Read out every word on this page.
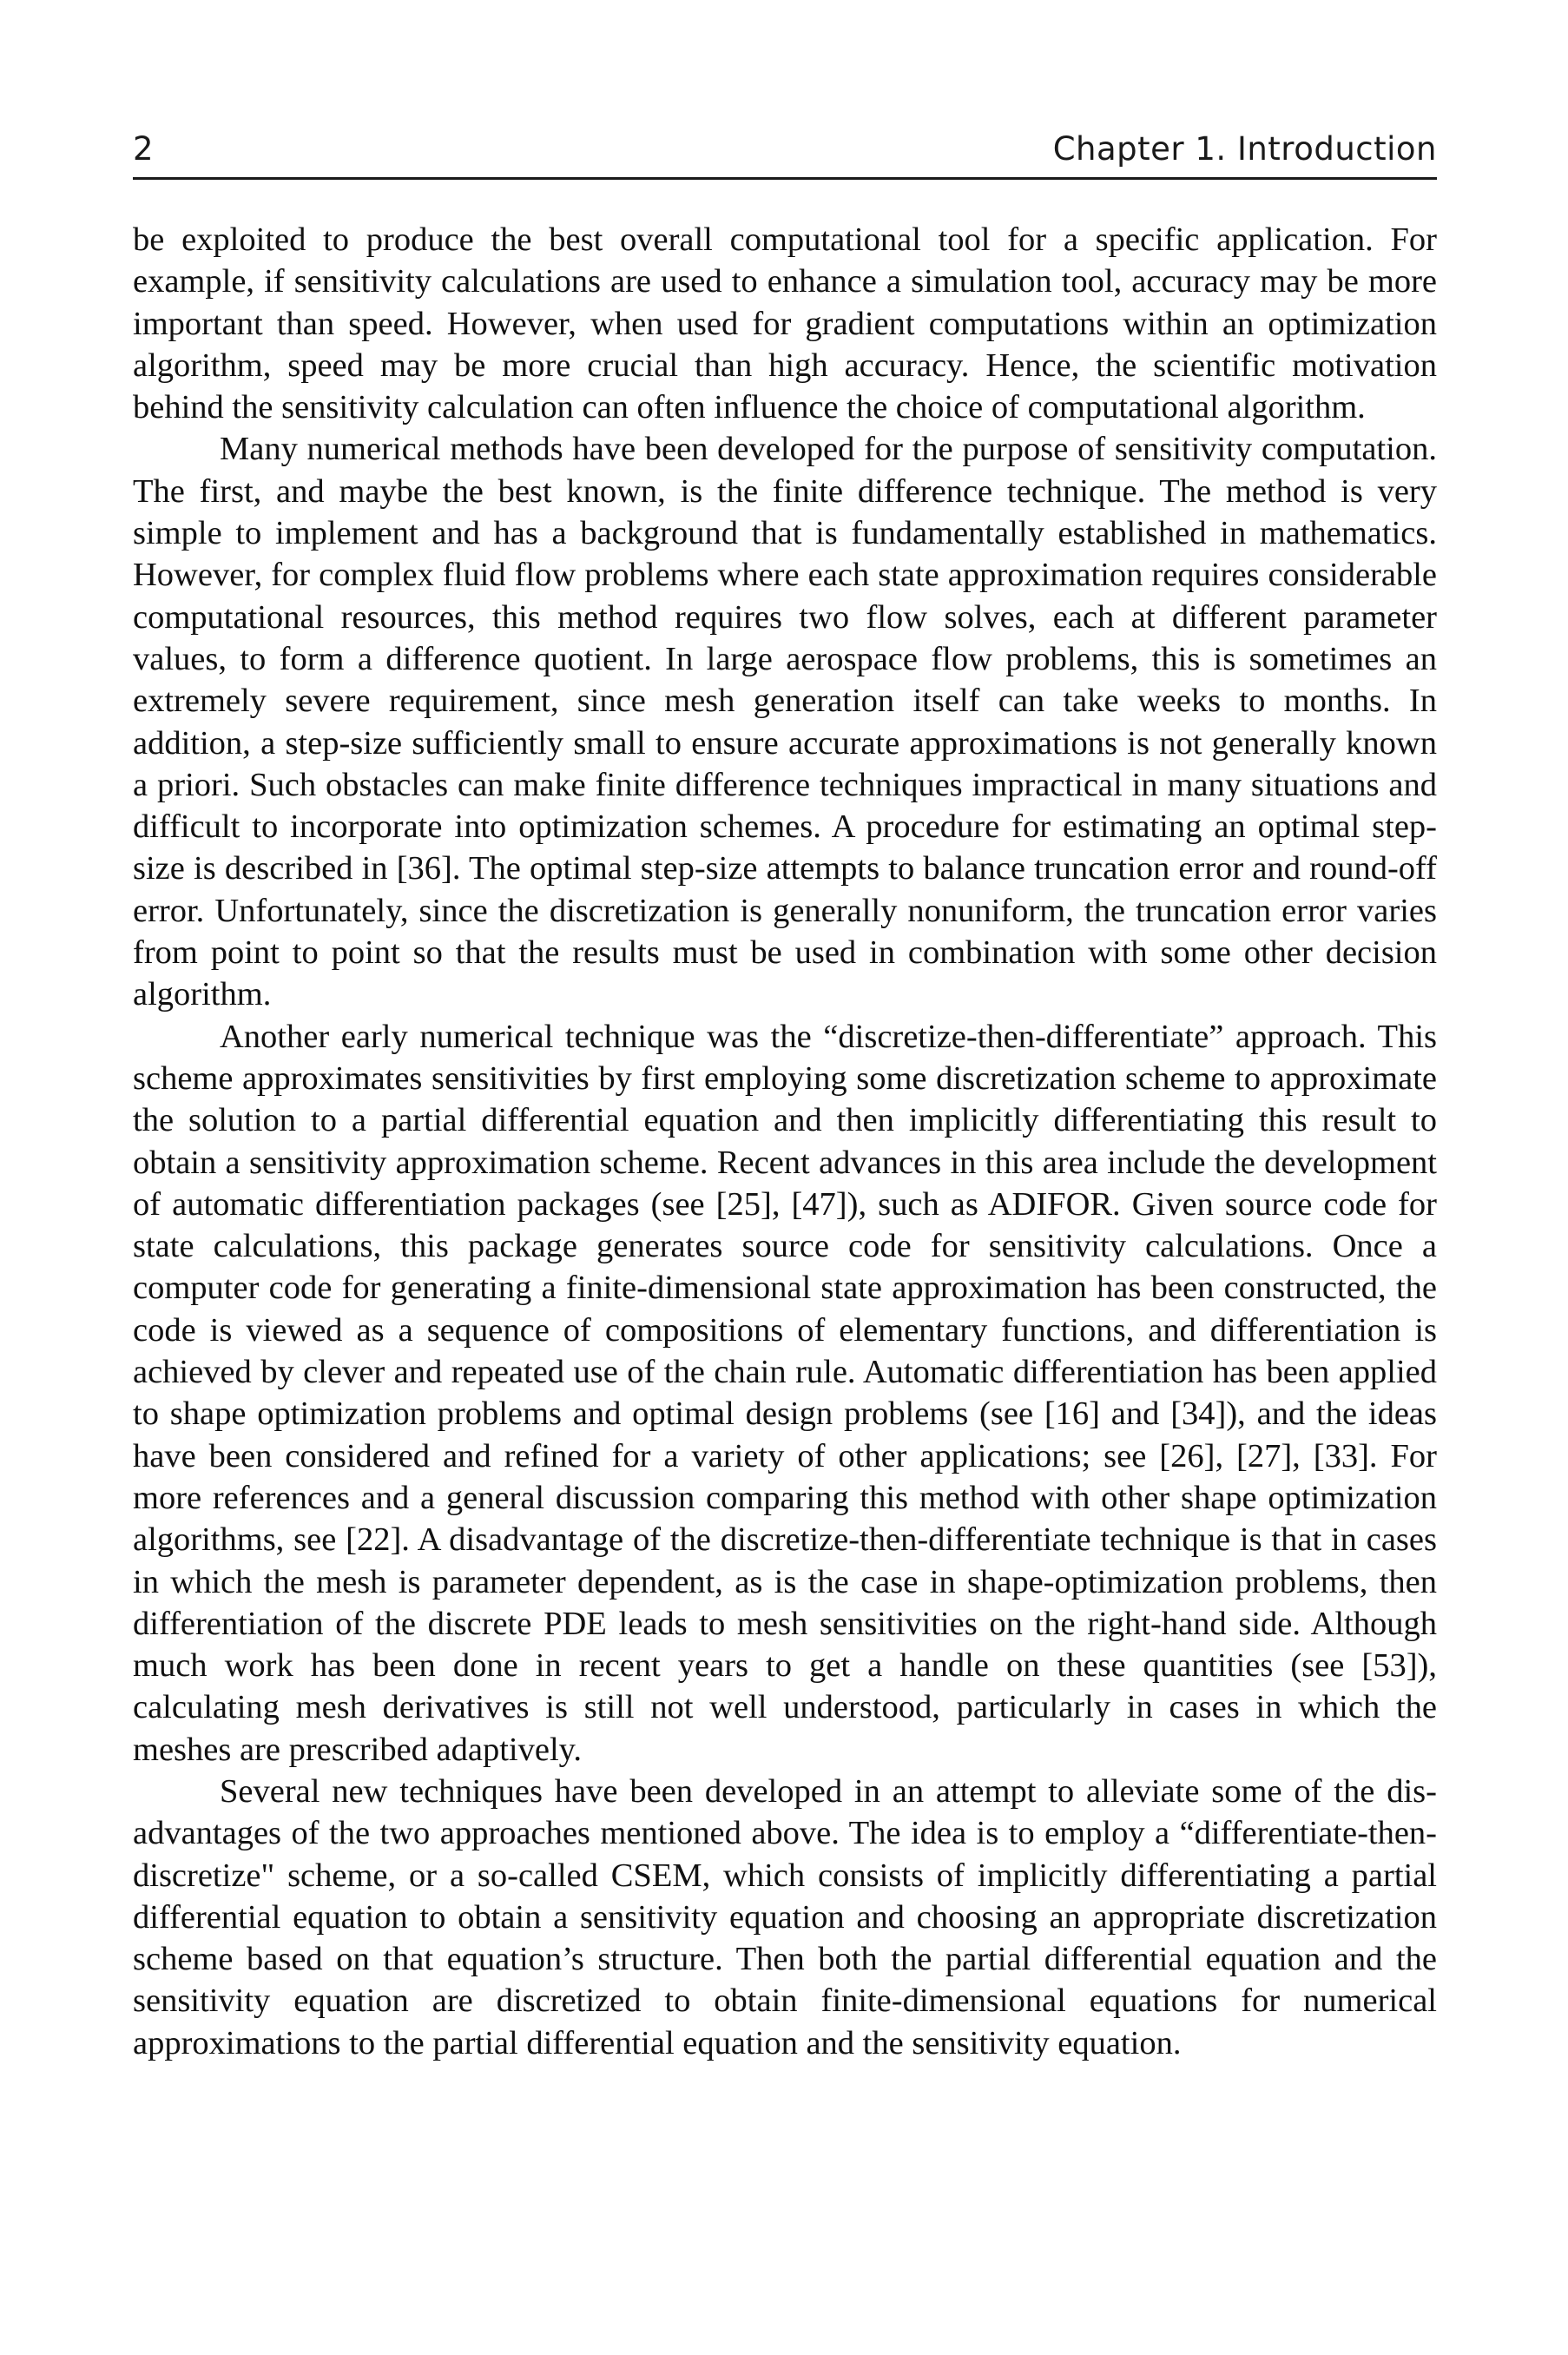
2	Chapter 1. Introduction

be exploited to produce the best overall computational tool for a specific application. For example, if sensitivity calculations are used to enhance a simulation tool, accuracy may be more important than speed. However, when used for gradient computations within an optimization algorithm, speed may be more crucial than high accuracy. Hence, the scientific motivation behind the sensitivity calculation can often influence the choice of computational algorithm.

Many numerical methods have been developed for the purpose of sensitivity computation. The first, and maybe the best known, is the finite difference technique. The method is very simple to implement and has a background that is fundamentally established in mathematics. However, for complex fluid flow problems where each state approximation requires considerable computational resources, this method requires two flow solves, each at different parameter values, to form a difference quotient. In large aerospace flow problems, this is sometimes an extremely severe requirement, since mesh generation itself can take weeks to months. In addition, a step-size sufficiently small to ensure accurate approximations is not generally known a priori. Such obstacles can make finite difference techniques impractical in many situations and difficult to incorporate into optimization schemes. A procedure for estimating an optimal step-size is described in [36]. The optimal step-size attempts to balance truncation error and round-off error. Unfortunately, since the discretization is generally nonuniform, the truncation error varies from point to point so that the results must be used in combination with some other decision algorithm.

Another early numerical technique was the “discretize-then-differentiate” approach. This scheme approximates sensitivities by first employing some discretization scheme to approximate the solution to a partial differential equation and then implicitly differentiating this result to obtain a sensitivity approximation scheme. Recent advances in this area include the development of automatic differentiation packages (see [25], [47]), such as ADIFOR. Given source code for state calculations, this package generates source code for sensitivity calculations. Once a computer code for generating a finite-dimensional state approximation has been constructed, the code is viewed as a sequence of compositions of elementary functions, and differentiation is achieved by clever and repeated use of the chain rule. Automatic differentiation has been applied to shape optimization problems and optimal design problems (see [16] and [34]), and the ideas have been considered and refined for a variety of other applications; see [26], [27], [33]. For more references and a general discussion comparing this method with other shape optimization algorithms, see [22]. A disadvantage of the discretize-then-differentiate technique is that in cases in which the mesh is parameter dependent, as is the case in shape-optimization problems, then differentiation of the discrete PDE leads to mesh sensitivities on the right-hand side. Although much work has been done in recent years to get a handle on these quantities (see [53]), calculating mesh derivatives is still not well understood, particularly in cases in which the meshes are prescribed adaptively.

Several new techniques have been developed in an attempt to alleviate some of the disadvantages of the two approaches mentioned above. The idea is to employ a “differentiate-then-discretize" scheme, or a so-called CSEM, which consists of implicitly differentiating a partial differential equation to obtain a sensitivity equation and choosing an appropriate discretization scheme based on that equation’s structure. Then both the partial differential equation and the sensitivity equation are discretized to obtain finite-dimensional equations for numerical approximations to the partial differential equation and the sensitivity equation.
